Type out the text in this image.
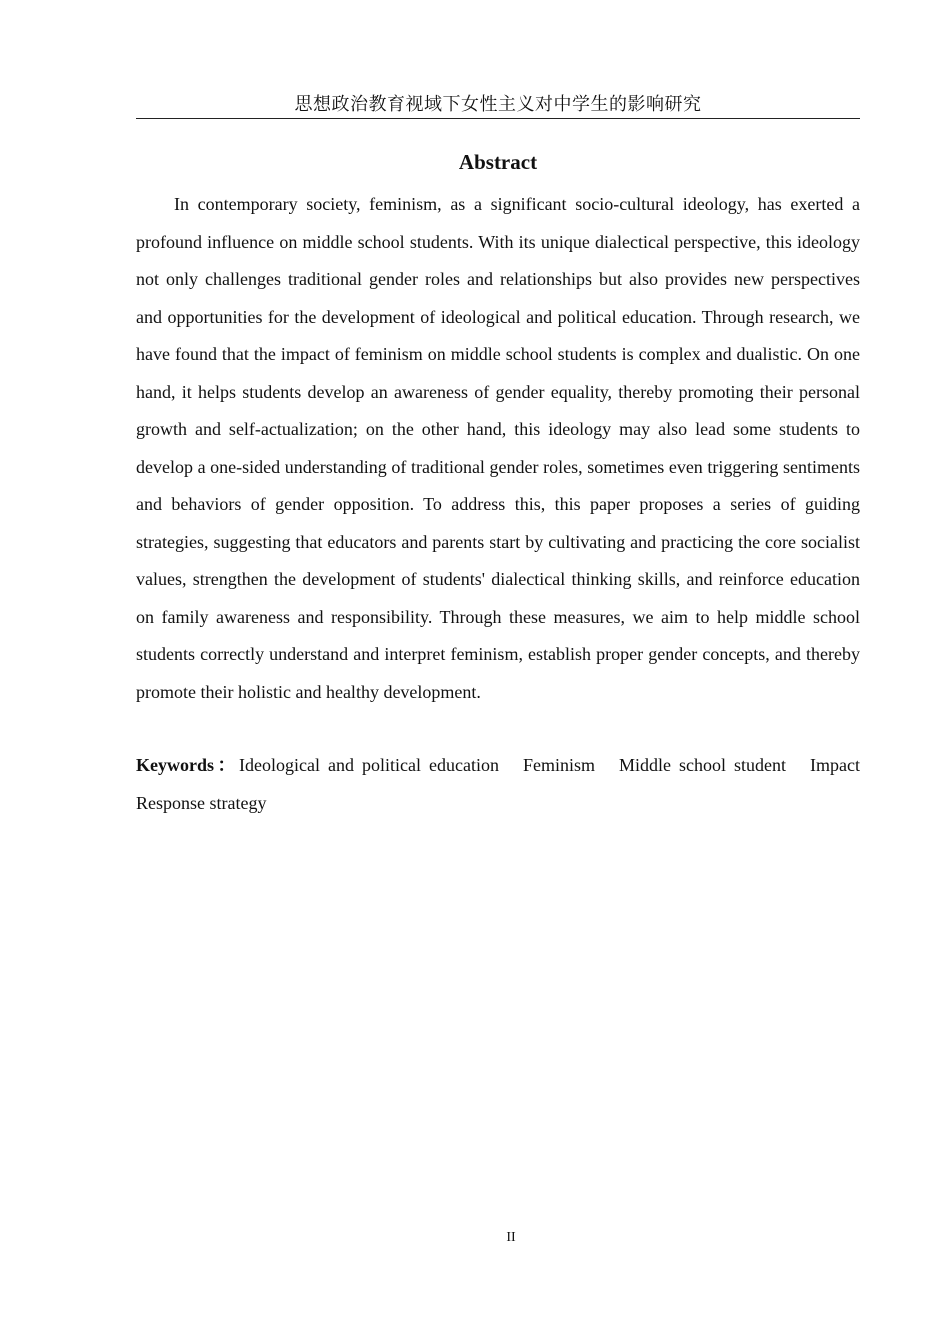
思想政治教育视域下女性主义对中学生的影响研究
Abstract

In contemporary society, feminism, as a significant socio-cultural ideology, has exerted a profound influence on middle school students. With its unique dialectical perspective, this ideology not only challenges traditional gender roles and relationships but also provides new perspectives and opportunities for the development of ideological and political education. Through research, we have found that the impact of feminism on middle school students is complex and dualistic. On one hand, it helps students develop an awareness of gender equality, thereby promoting their personal growth and self-actualization; on the other hand, this ideology may also lead some students to develop a one-sided understanding of traditional gender roles, sometimes even triggering sentiments and behaviors of gender opposition. To address this, this paper proposes a series of guiding strategies, suggesting that educators and parents start by cultivating and practicing the core socialist values, strengthen the development of students' dialectical thinking skills, and reinforce education on family awareness and responsibility. Through these measures, we aim to help middle school students correctly understand and interpret feminism, establish proper gender concepts, and thereby promote their holistic and healthy development.

Keywords：Ideological and political education Feminism Middle school student Impact Response strategy

II
